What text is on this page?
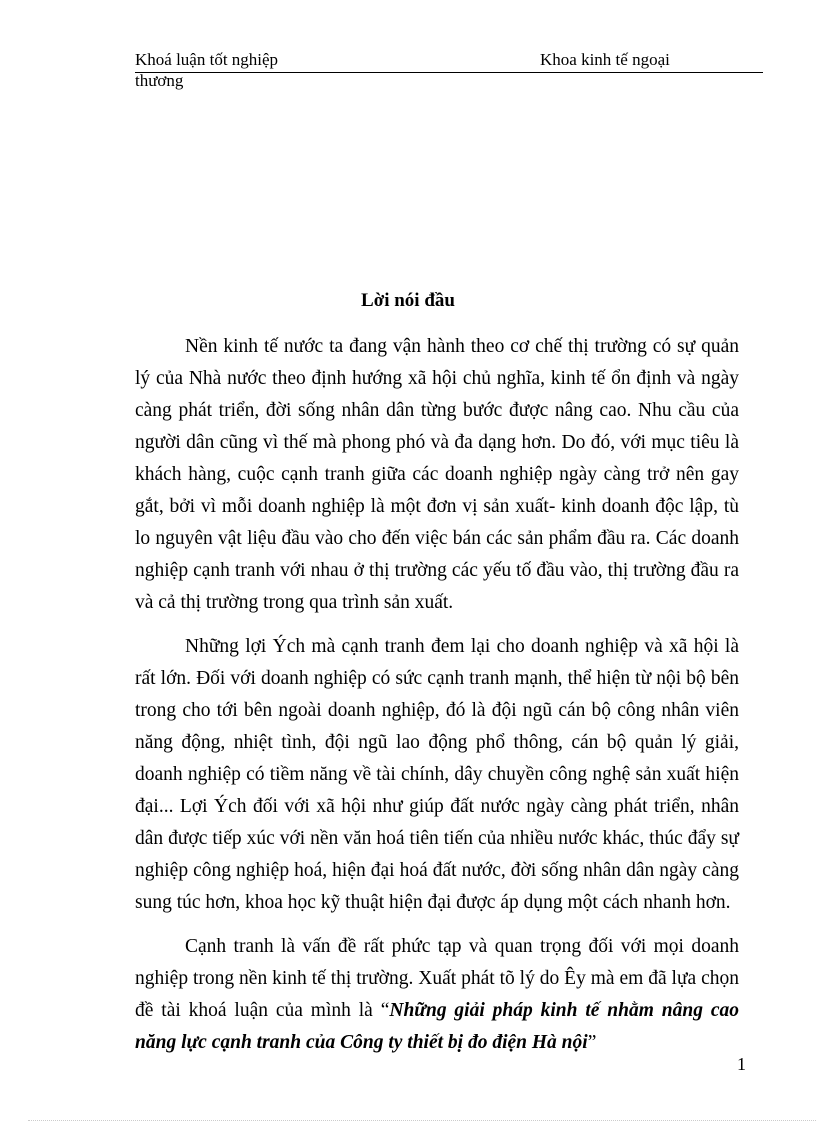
Khoá luận tốt nghiệp	Khoa kinh tế ngoại
thương
Lời nói đầu

Nền kinh tế nước ta đang vận hành theo cơ chế thị trường có sự quản lý của Nhà nước theo định hướng xã hội chủ nghĩa, kinh tế ổn định và ngày càng phát triển, đời sống nhân dân từng bước được nâng cao. Nhu cầu của người dân cũng vì thế mà phong phó và đa dạng hơn. Do đó, với mục tiêu là khách hàng, cuộc cạnh tranh giữa các doanh nghiệp ngày càng trở nên gay gắt, bởi vì mỗi doanh nghiệp là một đơn vị sản xuất- kinh doanh độc lập, tù lo nguyên vật liệu đầu vào cho đến việc bán các sản phẩm đầu ra. Các doanh nghiệp cạnh tranh với nhau ở thị trường các yếu tố đầu vào, thị trường đầu ra và cả thị trường trong qua trình sản xuất.

Những lợi Ých mà cạnh tranh đem lại cho doanh nghiệp và xã hội là rất lớn. Đối với doanh nghiệp có sức cạnh tranh mạnh, thể hiện từ nội bộ bên trong cho tới bên ngoài doanh nghiệp, đó là đội ngũ cán bộ công nhân viên năng động, nhiệt tình, đội ngũ lao động phổ thông, cán bộ quản lý giải, doanh nghiệp có tiềm năng về tài chính, dây chuyền công nghệ sản xuất hiện đại... Lợi Ých đối với xã hội như giúp đất nước ngày càng phát triển, nhân dân được tiếp xúc với nền văn hoá tiên tiến của nhiều nước khác, thúc đẩy sự nghiệp công nghiệp hoá, hiện đại hoá đất nước, đời sống nhân dân ngày càng sung túc hơn, khoa học kỹ thuật hiện đại được áp dụng một cách nhanh hơn.

Cạnh tranh là vấn đề rất phức tạp và quan trọng đối với mọi doanh nghiệp trong nền kinh tế thị trường. Xuất phát tõ lý do Êy mà em đã lựa chọn đề tài khoá luận của mình là “Những giải pháp kinh tế nhằm nâng cao năng lực cạnh tranh của Công ty thiết bị đo điện Hà nội”

1
